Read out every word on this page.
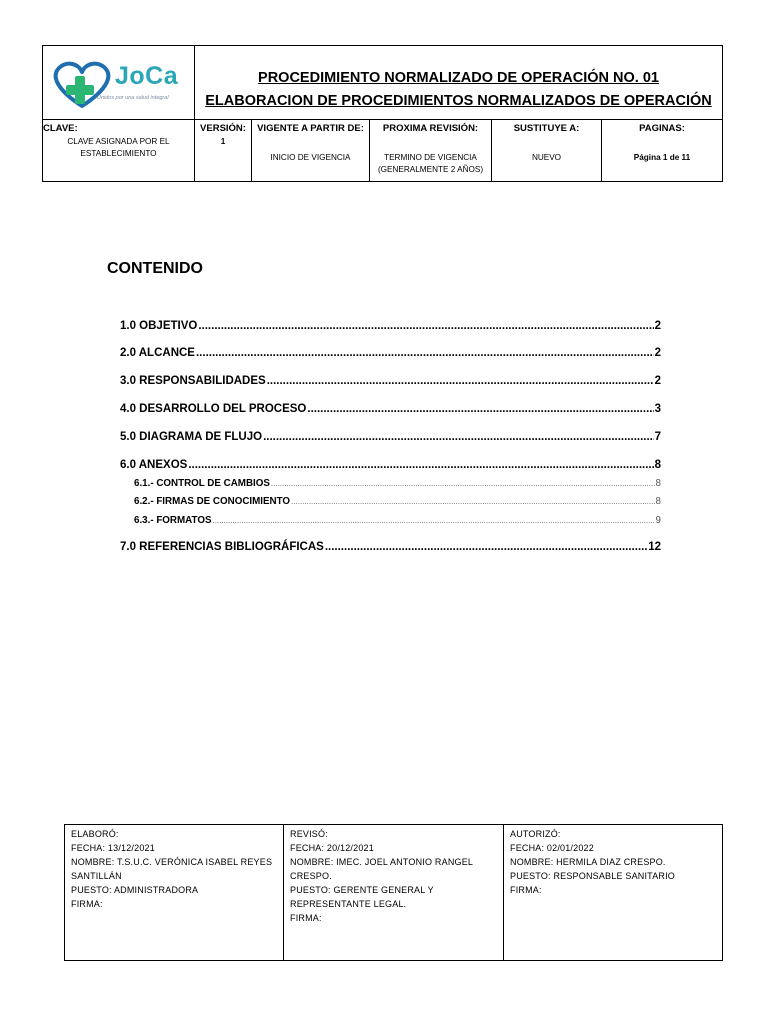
JoCa
Unidos por una salud integral
PROCEDIMIENTO NORMALIZADO DE OPERACIÓN NO. 01
ELABORACION DE PROCEDIMIENTOS NORMALIZADOS DE OPERACIÓN
CLAVE:
CLAVE ASIGNADA POR EL ESTABLECIMIENTO
VERSIÓN:
1
VIGENTE A PARTIR DE:
INICIO DE VIGENCIA
PROXIMA REVISIÓN:
TERMINO DE VIGENCIA (GENERALMENTE 2 AÑOS)
SUSTITUYE A:
NUEVO
PAGINAS:
Página 1 de 11
CONTENIDO
1.0 OBJETIVO .....	2
2.0 ALCANCE .....	2
3.0 RESPONSABILIDADES .....	2
4.0 DESARROLLO DEL PROCESO .....	3
5.0 DIAGRAMA DE FLUJO .....	7
6.0 ANEXOS .....	8
6.1.- CONTROL DE CAMBIOS .....	8
6.2.- FIRMAS DE CONOCIMIENTO .....	8
6.3.- FORMATOS .....	9
7.0 REFERENCIAS BIBLIOGRÁFICAS .....	12
ELABORÓ:
FECHA: 13/12/2021
NOMBRE: T.S.U.C. VERÓNICA ISABEL REYES
SANTILLÁN
PUESTO: ADMINISTRADORA
FIRMA:
REVISÓ:
FECHA: 20/12/2021
NOMBRE: IMEC. JOEL ANTONIO RANGEL
CRESPO.
PUESTO: GERENTE GENERAL Y
REPRESENTANTE LEGAL.
FIRMA:
AUTORIZÓ:
FECHA: 02/01/2022
NOMBRE: HERMILA DIAZ CRESPO.
PUESTO: RESPONSABLE SANITARIO
FIRMA:
